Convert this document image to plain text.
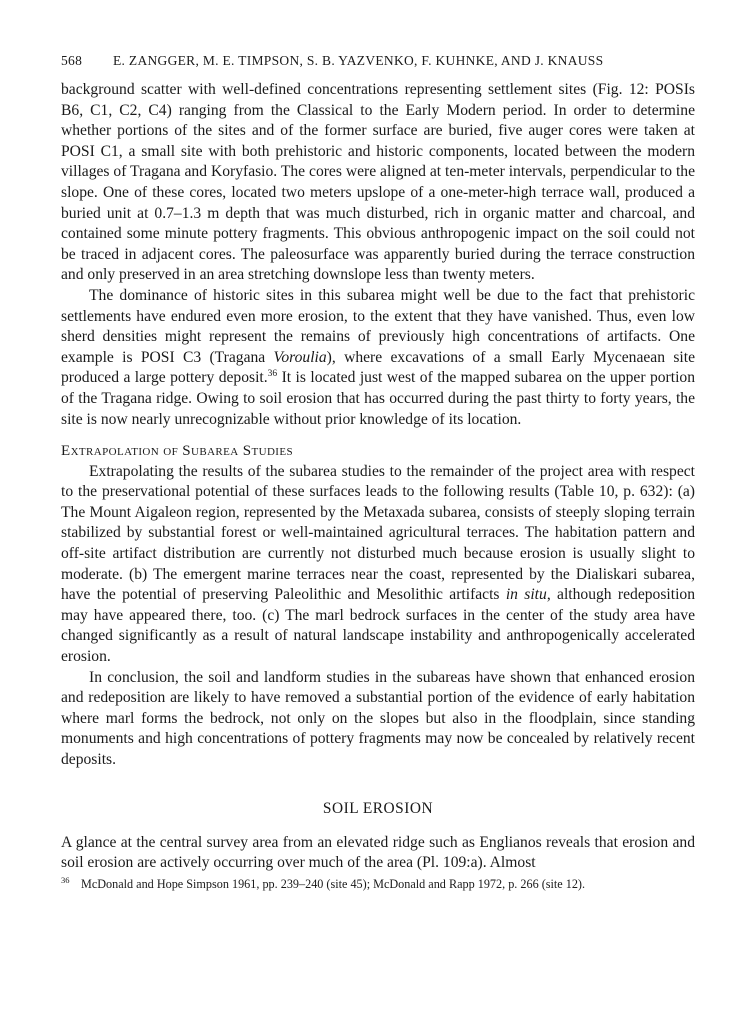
568 E. ZANGGER, M. E. TIMPSON, S. B. YAZVENKO, F. KUHNKE, AND J. KNAUSS

background scatter with well-defined concentrations representing settlement sites (Fig. 12: POSIs B6, C1, C2, C4) ranging from the Classical to the Early Modern period. In order to determine whether portions of the sites and of the former surface are buried, five auger cores were taken at POSI C1, a small site with both prehistoric and historic components, located between the modern villages of Tragana and Koryfasio. The cores were aligned at ten-meter intervals, perpendicular to the slope. One of these cores, located two meters upslope of a one-meter-high terrace wall, produced a buried unit at 0.7–1.3 m depth that was much disturbed, rich in organic matter and charcoal, and contained some minute pottery fragments. This obvious anthropogenic impact on the soil could not be traced in adjacent cores. The paleosurface was apparently buried during the terrace construction and only preserved in an area stretching downslope less than twenty meters.

The dominance of historic sites in this subarea might well be due to the fact that prehistoric settlements have endured even more erosion, to the extent that they have vanished. Thus, even low sherd densities might represent the remains of previously high concentrations of artifacts. One example is POSI C3 (Tragana Voroulia), where excavations of a small Early Mycenaean site produced a large pottery deposit.$^{36}$ It is located just west of the mapped subarea on the upper portion of the Tragana ridge. Owing to soil erosion that has occurred during the past thirty to forty years, the site is now nearly unrecognizable without prior knowledge of its location.

Extrapolation of Subarea Studies

Extrapolating the results of the subarea studies to the remainder of the project area with respect to the preservational potential of these surfaces leads to the following results (Table 10, p. 632): (a) The Mount Aigaleon region, represented by the Metaxada subarea, consists of steeply sloping terrain stabilized by substantial forest or well-maintained agricultural terraces. The habitation pattern and off-site artifact distribution are currently not disturbed much because erosion is usually slight to moderate. (b) The emergent marine terraces near the coast, represented by the Dialiskari subarea, have the potential of preserving Paleolithic and Mesolithic artifacts in situ, although redeposition may have appeared there, too. (c) The marl bedrock surfaces in the center of the study area have changed significantly as a result of natural landscape instability and anthropogenically accelerated erosion.

In conclusion, the soil and landform studies in the subareas have shown that enhanced erosion and redeposition are likely to have removed a substantial portion of the evidence of early habitation where marl forms the bedrock, not only on the slopes but also in the floodplain, since standing monuments and high concentrations of pottery fragments may now be concealed by relatively recent deposits.

SOIL EROSION

A glance at the central survey area from an elevated ridge such as Englianos reveals that erosion and soil erosion are actively occurring over much of the area (Pl. 109:a). Almost

$^{36}$ McDonald and Hope Simpson 1961, pp. 239–240 (site 45); McDonald and Rapp 1972, p. 266 (site 12).
